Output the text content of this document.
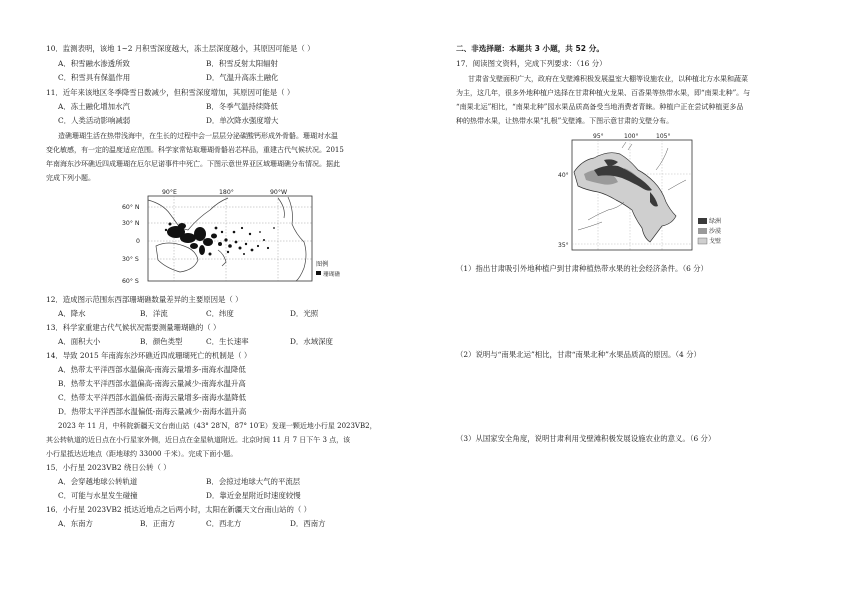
10．监测表明，该地 1~2 月积雪深度越大，冻土层深度越小，其原因可能是（ ）
A．积雪融水渗透所致	B．积雪反射太阳辐射
C．积雪具有保温作用	D．气温升高冻土融化
11．近年来该地区冬季降雪日数减少，但积雪深度增加，其原因可能是（ ）
A．冻土融化增加水汽	B．冬季气温持续降低
C．人类活动影响减弱	D．单次降水强度增大
造礁珊瑚生活在热带浅海中，在生长的过程中会一层层分泌碳酸钙形成外骨骼。珊瑚对水温
变化敏感，有一定的温度适应范围。科学家常钻取珊瑚骨骼岩芯样品，重建古代气候状况。2015
年南海东沙环礁近四成珊瑚在厄尔尼诺事件中死亡。下图示意世界亚区域珊瑚礁分布情况。据此
完成下列小题。
90°E	180°	90°W
60° N
30° N
0
30° S
60° S
图例
珊瑚礁
12．造成图示范围东西部珊瑚礁数量差异的主要原因是（ ）
A．降水	B．洋流	C．纬度	D．光照
13．科学家重建古代气候状况需要测量珊瑚礁的（ ）
A．面积大小	B．颜色类型	C．生长速率	D．水域深度
14．导致 2015 年南海东沙环礁近四成珊瑚死亡的机制是（ ）
A．热带太平洋西部水温偏高-南海云量增多-南海水温降低
B．热带太平洋西部水温偏高-南海云量减少-南海水温升高
C．热带太平洋西部水温偏低-南海云量增多-南海水温降低
D．热带太平洋西部水温偏低-南海云量减少-南海水温升高
2023 年 11 月，中科院新疆天文台南山站（43° 28′N，87° 10′E）发现一颗近地小行星 2023VB2，
其公转轨道的近日点在小行星家外侧，近日点在金星轨道附近。北京时间 11 月 7 日下午 3 点，该
小行星抵达近地点（距地球约 33000 千米）。完成下面小题。
15．小行星 2023VB2 绕日公转（ ）
A．会穿越地球公转轨道	B．会掠过地球大气的平流层
C．可能与水星发生碰撞	D．靠近金星附近时速度较慢
16．小行星 2023VB2 抵达近地点之后两小时，太阳在新疆天文台南山站的（ ）
A．东南方	B．正南方	C．西北方	D．西南方
二、非选择题：本题共 3 小题，共 52 分。
17．阅读图文资料，完成下列要求：（16 分）
甘肃省戈壁面积广大，政府在戈壁滩积极发展温室大棚等设施农业，以种植北方水果和蔬菜
为主，这几年，很多外地种植户选择在甘肃种植火龙果、百香果等热带水果，即“南果北种”。与
“南果北运”相比，“南果北种”园水果品质高备受当地消费者青睐。种植户正在尝试种植更多品
种的热带水果，让热带水果“扎根”戈壁滩。下图示意甘肃的戈壁分布。
95°	100°	105°
40°
35°
绿洲
沙漠
戈壁
（1）指出甘肃吸引外地种植户到甘肃种植热带水果的社会经济条件。（6 分）
（2）说明与“南果北运”相比，甘肃“南果北种”水果品质高的原因。（4 分）
（3）从国家安全角度，说明甘肃利用戈壁滩积极发展设施农业的意义。（6 分）
